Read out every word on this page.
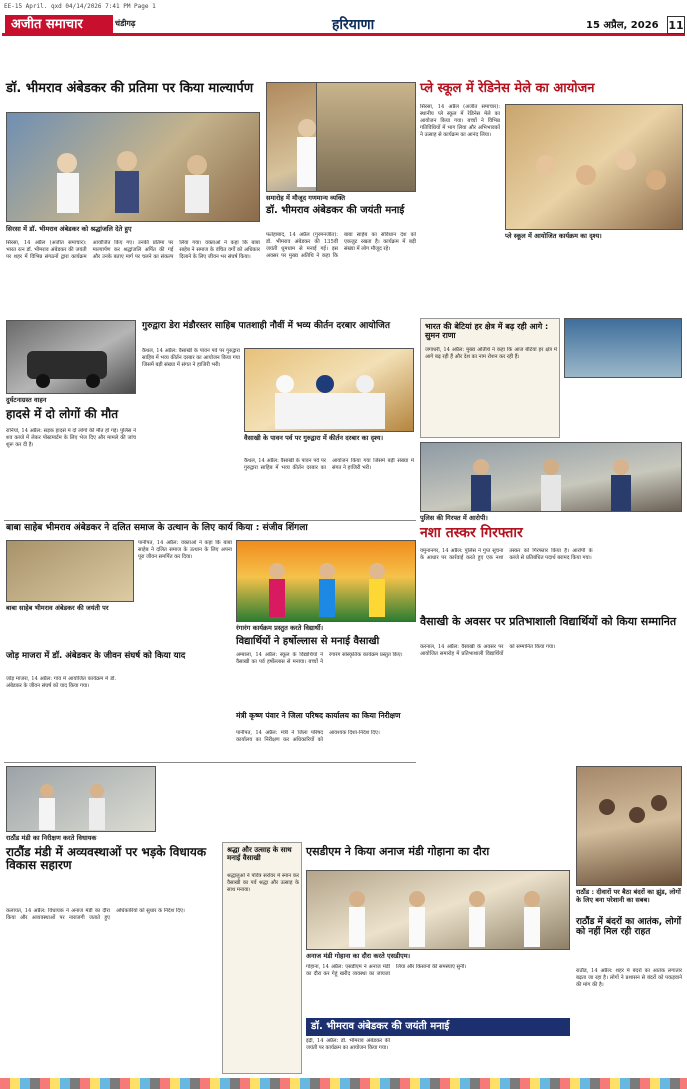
EE-15 April. qxd 04/14/2026 7:41 PM Page 1
अजीत समाचार	चंडीगढ़	हरियाणा	15 अप्रैल, 2026 11
डॉ. भीमराव अंबेडकर की प्रतिमा पर किया माल्यार्पण
सिरसा में डॉ. भीमराव अंबेडकर को श्रद्धांजलि देते हुए
सिरसा, 14 अप्रैल (अजीत समाचार): भारत रत्न डॉ. भीमराव अंबेडकर की जयंती पर शहर में विभिन्न संगठनों द्वारा कार्यक्रम आयोजित किए गए। उनकी प्रतिमा पर माल्यार्पण कर श्रद्धांजलि अर्पित की गई और उनके बताए मार्ग पर चलने का संकल्प लिया गया। वक्ताओं ने कहा कि बाबा साहेब ने समाज के वंचित वर्गों को अधिकार दिलाने के लिए जीवन भर संघर्ष किया।
समारोह में मौजूद गणमान्य व्यक्ति
डॉ. भीमराव अंबेडकर की जयंती मनाई
फतेहाबाद, 14 अप्रैल (गुरमनजीत): डॉ. भीमराव अंबेडकर की 135वीं जयंती धूमधाम से मनाई गई। इस अवसर पर मुख्य अतिथि ने कहा कि बाबा साहेब का संविधान देश को एकजुट रखता है। कार्यक्रम में बड़ी संख्या में लोग मौजूद रहे।
प्ले स्कूल में रेडिनेस मेले का आयोजन
सिरसा, 14 अप्रैल (अजीत समाचार): स्थानीय प्ले स्कूल में रेडिनेस मेले का आयोजन किया गया। बच्चों ने विभिन्न गतिविधियों में भाग लिया और अभिभावकों ने उत्साह से कार्यक्रम का आनंद लिया।
प्ले स्कूल में आयोजित कार्यक्रम का दृश्य।
भारत की बेटियां हर क्षेत्र में बढ़ रही आगे : सुमन राणा
जगाधरी, 14 अप्रैल: मुख्य अतिथि ने कहा कि आज बेटियां हर क्षेत्र में आगे बढ़ रही हैं और देश का नाम रोशन कर रही हैं।
दुर्घटनाग्रस्त वाहन
हादसे में दो लोगों की मौत
रानियां, 14 अप्रैल: सड़क हादसे में दो लोगों की मौत हो गई। पुलिस ने शव कब्जे में लेकर पोस्टमार्टम के लिए भेज दिए और मामले की जांच शुरू कर दी है।
गुरुद्वारा डेरा मंडौरस्तर साहिब पातशाही नौवीं में भव्य कीर्तन दरबार आयोजित
कैथल, 14 अप्रैल: वैसाखी के पावन पर्व पर गुरुद्वारा साहिब में भव्य कीर्तन दरबार का आयोजन किया गया जिसमें बड़ी संख्या में संगत ने हाजिरी भरी।
वैसाखी के पावन पर्व पर गुरुद्वारा में कीर्तन दरबार का दृश्य।
कैथल, 14 अप्रैल: वैसाखी के पावन पर्व पर गुरुद्वारा साहिब में भव्य कीर्तन दरबार का आयोजन किया गया जिसमें बड़ी संख्या में संगत ने हाजिरी भरी।
पुलिस की गिरफ्त में आरोपी।
नशा तस्कर गिरफ्तार
यमुनानगर, 14 अप्रैल: पुलिस ने गुप्त सूचना के आधार पर कार्रवाई करते हुए एक नशा तस्कर को गिरफ्तार किया है। आरोपी के कब्जे से प्रतिबंधित पदार्थ बरामद किया गया।
बाबा साहेब भीमराव अंबेडकर ने दलित समाज के उत्थान के लिए कार्य किया : संजीव शिंगला
बाबा साहेब भीमराव अंबेडकर की जयंती पर
पानीपत, 14 अप्रैल: वक्ताओं ने कहा कि बाबा साहेब ने दलित समाज के उत्थान के लिए अपना पूरा जीवन समर्पित कर दिया।
रंगारंग कार्यक्रम प्रस्तुत करते विद्यार्थी।
विद्यार्थियों ने हर्षोल्लास से मनाई वैसाखी
अम्बाला, 14 अप्रैल: स्कूल के विद्यार्थियों ने वैसाखी का पर्व हर्षोल्लास से मनाया। बच्चों ने रंगारंग सांस्कृतिक कार्यक्रम प्रस्तुत किए।
वैसाखी के अवसर पर प्रतिभाशाली विद्यार्थियों को किया सम्मानित
करनाल, 14 अप्रैल: वैसाखी के अवसर पर आयोजित समारोह में प्रतिभाशाली विद्यार्थियों को सम्मानित किया गया।
जोड़ माजरा में डॉ. अंबेडकर के जीवन संघर्ष को किया याद
जोड़ माजरा, 14 अप्रैल: गांव में आयोजित कार्यक्रम में डॉ. अंबेडकर के जीवन संघर्ष को याद किया गया।
मंत्री कृष्ण पंवार ने जिला परिषद कार्यालय का किया निरीक्षण
पानीपत, 14 अप्रैल: मंत्री ने जिला परिषद कार्यालय का निरीक्षण कर अधिकारियों को आवश्यक दिशा-निर्देश दिए।
राठौंड मंडी का निरीक्षण करते विधायक
राठौंड मंडी में अव्यवस्थाओं पर भड़के विधायक विकास सहारण
कलायत, 14 अप्रैल: विधायक ने अनाज मंडी का दौरा किया और अव्यवस्थाओं पर नाराजगी जताते हुए अधिकारियों को सुधार के निर्देश दिए।
श्रद्धा और उत्साह के साथ मनाई वैसाखी
श्रद्धालुओं ने पवित्र सरोवर में स्नान कर वैसाखी का पर्व श्रद्धा और उत्साह के साथ मनाया।
एसडीएम ने किया अनाज मंडी गोहाना का दौरा
अनाज मंडी गोहाना का दौरा करते एसडीएम।
गोहाना, 14 अप्रैल: एसडीएम ने अनाज मंडी का दौरा कर गेहूं खरीद व्यवस्था का जायजा लिया और किसानों की समस्याएं सुनीं।
डॉ. भीमराव अंबेडकर की जयंती मनाई
इंद्री, 14 अप्रैल: डॉ. भीमराव अंबेडकर की जयंती पर कार्यक्रम का आयोजन किया गया।
राठौंड : दीवारों पर बैठा बंदरों का झुंड, लोगों के लिए बना परेशानी का सबब।
राठौंड में बंदरों का आतंक, लोगों को नहीं मिल रही राहत
राठौंड, 14 अप्रैल: शहर में बंदरों का आतंक लगातार बढ़ता जा रहा है। लोगों ने प्रशासन से बंदरों को पकड़वाने की मांग की है।
